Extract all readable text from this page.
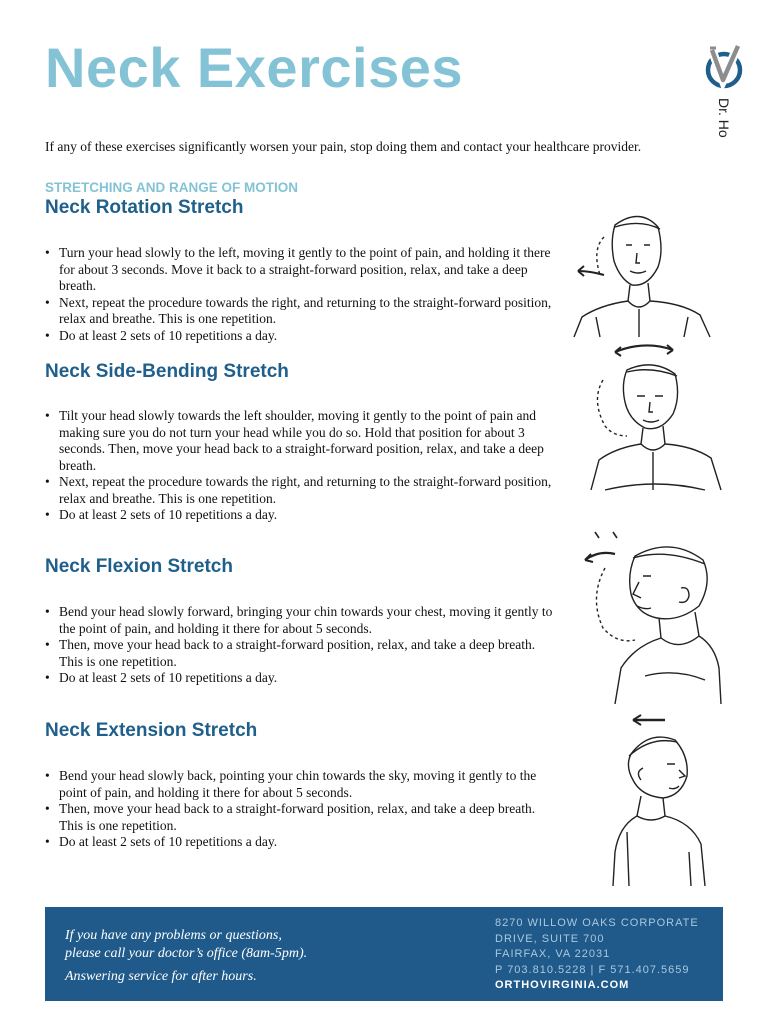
Neck Exercises
Dr. Ho

If any of these exercises significantly worsen your pain, stop doing them and contact your healthcare provider.

STRETCHING AND RANGE OF MOTION
Neck Rotation Stretch
• Turn your head slowly to the left, moving it gently to the point of pain, and holding it there for about 3 seconds. Move it back to a straight-forward position, relax, and take a deep breath.
• Next, repeat the procedure towards the right, and returning to the straight-forward position, relax and breathe. This is one repetition.
• Do at least 2 sets of 10 repetitions a day.
Neck Side-Bending Stretch
• Tilt your head slowly towards the left shoulder, moving it gently to the point of pain and making sure you do not turn your head while you do so. Hold that position for about 3 seconds. Then, move your head back to a straight-forward position, relax, and take a deep breath.
• Next, repeat the procedure towards the right, and returning to the straight-forward position, relax and breathe. This is one repetition.
• Do at least 2 sets of 10 repetitions a day.
Neck Flexion Stretch
• Bend your head slowly forward, bringing your chin towards your chest, moving it gently to the point of pain, and holding it there for about 5 seconds.
• Then, move your head back to a straight-forward position, relax, and take a deep breath. This is one repetition.
• Do at least 2 sets of 10 repetitions a day.
Neck Extension Stretch
• Bend your head slowly back, pointing your chin towards the sky, moving it gently to the point of pain, and holding it there for about 5 seconds.
• Then, move your head back to a straight-forward position, relax, and take a deep breath. This is one repetition.
• Do at least 2 sets of 10 repetitions a day.

If you have any problems or questions,

please call your doctor’s office (8am-5pm).

Answering service for after hours.

8270 WILLOW OAKS CORPORATE

DRIVE, SUITE 700

FAIRFAX, VA 22031

P 703.810.5228 | F 571.407.5659

ORTHOVIRGINIA.COM
